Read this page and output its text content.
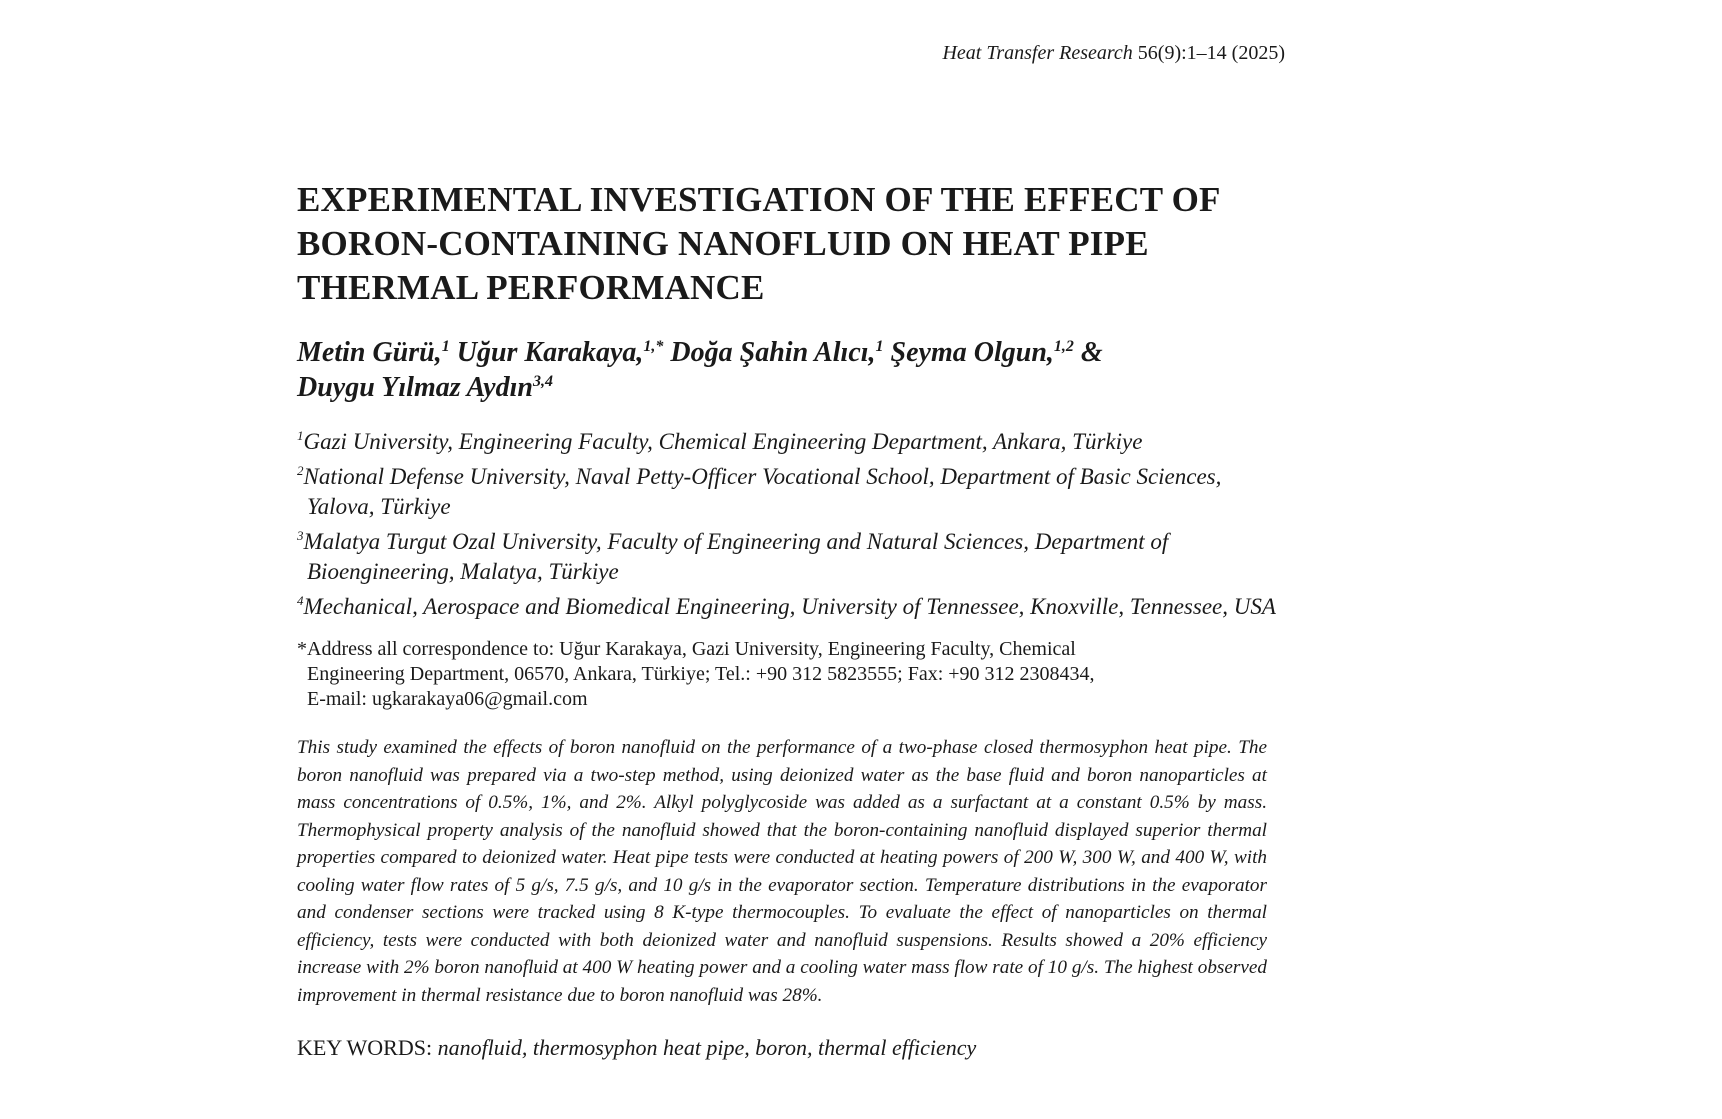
Heat Transfer Research 56(9):1–14 (2025)
EXPERIMENTAL INVESTIGATION OF THE EFFECT OF
BORON-CONTAINING NANOFLUID ON HEAT PIPE
THERMAL PERFORMANCE
Metin Gürü,$^1$ Uğur Karakaya,$^{1,*}$ Doğa Şahin Alıcı,$^1$ Şeyma Olgun,$^{1,2}$ &
Duygu Yılmaz Aydın$^{3,4}$
$^1$Gazi University, Engineering Faculty, Chemical Engineering Department, Ankara, Türkiye
$^2$National Defense University, Naval Petty-Officer Vocational School, Department of Basic Sciences, Yalova, Türkiye
$^3$Malatya Turgut Ozal University, Faculty of Engineering and Natural Sciences, Department of Bioengineering, Malatya, Türkiye
$^4$Mechanical, Aerospace and Biomedical Engineering, University of Tennessee, Knoxville, Tennessee, USA
*Address all correspondence to: Uğur Karakaya, Gazi University, Engineering Faculty, Chemical
Engineering Department, 06570, Ankara, Türkiye; Tel.: +90 312 5823555; Fax: +90 312 2308434,
E-mail: ugkarakaya06@gmail.com
This study examined the effects of boron nanofluid on the performance of a two-phase closed thermosyphon heat pipe. The boron nanofluid was prepared via a two-step method, using deionized water as the base fluid and boron nanoparticles at mass concentrations of 0.5%, 1%, and 2%. Alkyl polyglycoside was added as a surfactant at a constant 0.5% by mass. Thermophysical property analysis of the nanofluid showed that the boron-containing nanofluid displayed superior thermal properties compared to deionized water. Heat pipe tests were conducted at heating powers of 200 W, 300 W, and 400 W, with cooling water flow rates of 5 g/s, 7.5 g/s, and 10 g/s in the evaporator section. Temperature distributions in the evaporator and condenser sections were tracked using 8 K-type thermocouples. To evaluate the effect of nanoparticles on thermal efficiency, tests were conducted with both deionized water and nanofluid suspensions. Results showed a 20% efficiency increase with 2% boron nanofluid at 400 W heating power and a cooling water mass flow rate of 10 g/s. The highest observed improvement in thermal resistance due to boron nanofluid was 28%.
KEY WORDS: nanofluid, thermosyphon heat pipe, boron, thermal efficiency
